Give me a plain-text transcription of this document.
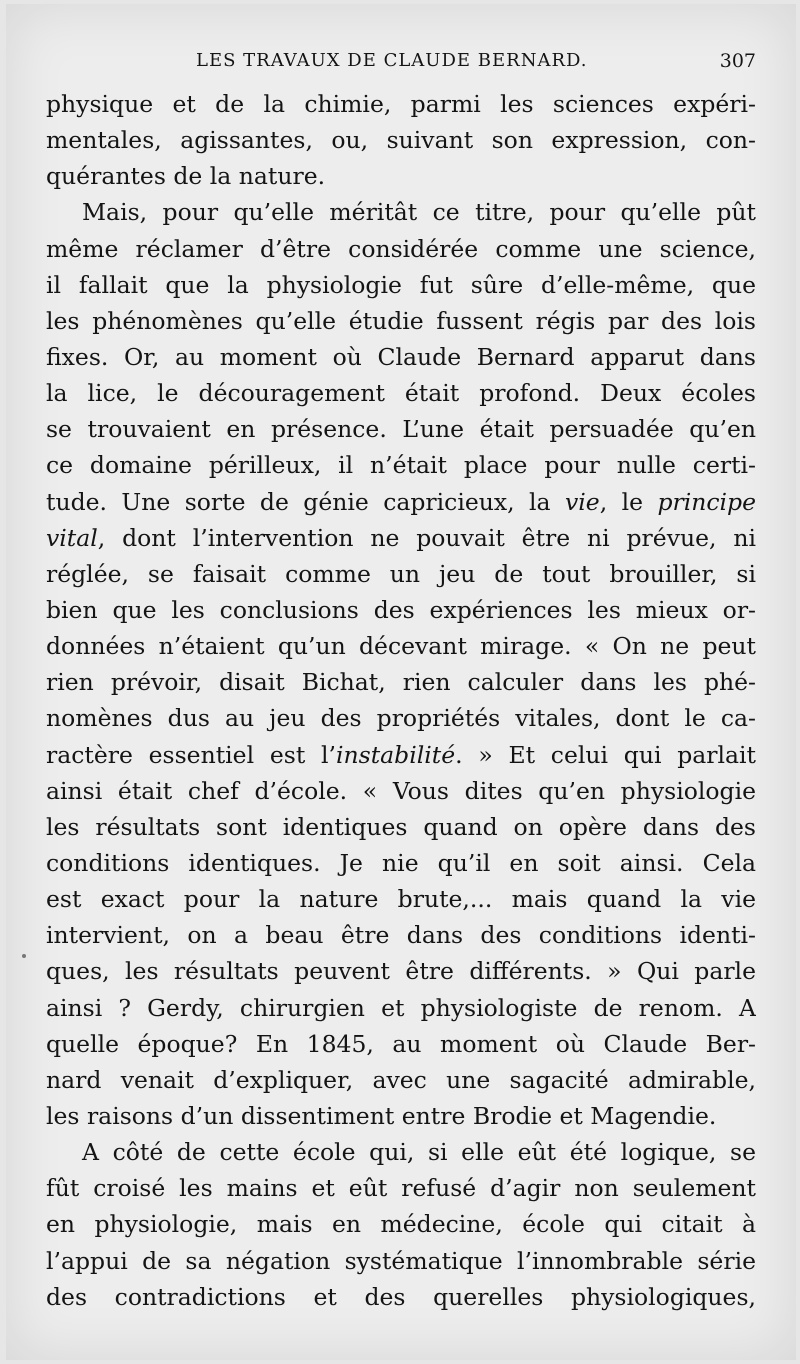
LES TRAVAUX DE CLAUDE BERNARD.	307
physique et de la chimie, parmi les sciences expéri-
mentales, agissantes, ou, suivant son expression, con-
quérantes de la nature.
Mais, pour qu’elle méritât ce titre, pour qu’elle pût
même réclamer d’être considérée comme une science,
il fallait que la physiologie fut sûre d’elle-même, que
les phénomènes qu’elle étudie fussent régis par des lois
fixes. Or, au moment où Claude Bernard apparut dans
la lice, le découragement était profond. Deux écoles
se trouvaient en présence. L’une était persuadée qu’en
ce domaine périlleux, il n’était place pour nulle certi-
tude. Une sorte de génie capricieux, la vie, le principe
vital, dont l’intervention ne pouvait être ni prévue, ni
réglée, se faisait comme un jeu de tout brouiller, si
bien que les conclusions des expériences les mieux or-
données n’étaient qu’un décevant mirage. « On ne peut
rien prévoir, disait Bichat, rien calculer dans les phé-
nomènes dus au jeu des propriétés vitales, dont le ca-
ractère essentiel est l’instabilité. » Et celui qui parlait
ainsi était chef d’école. « Vous dites qu’en physiologie
les résultats sont identiques quand on opère dans des
conditions identiques. Je nie qu’il en soit ainsi. Cela
est exact pour la nature brute,... mais quand la vie
intervient, on a beau être dans des conditions identi-
ques, les résultats peuvent être différents. » Qui parle
ainsi ? Gerdy, chirurgien et physiologiste de renom. A
quelle époque? En 1845, au moment où Claude Ber-
nard venait d’expliquer, avec une sagacité admirable,
les raisons d’un dissentiment entre Brodie et Magendie.
A côté de cette école qui, si elle eût été logique, se
fût croisé les mains et eût refusé d’agir non seulement
en physiologie, mais en médecine, école qui citait à
l’appui de sa négation systématique l’innombrable série
des contradictions et des querelles physiologiques,
